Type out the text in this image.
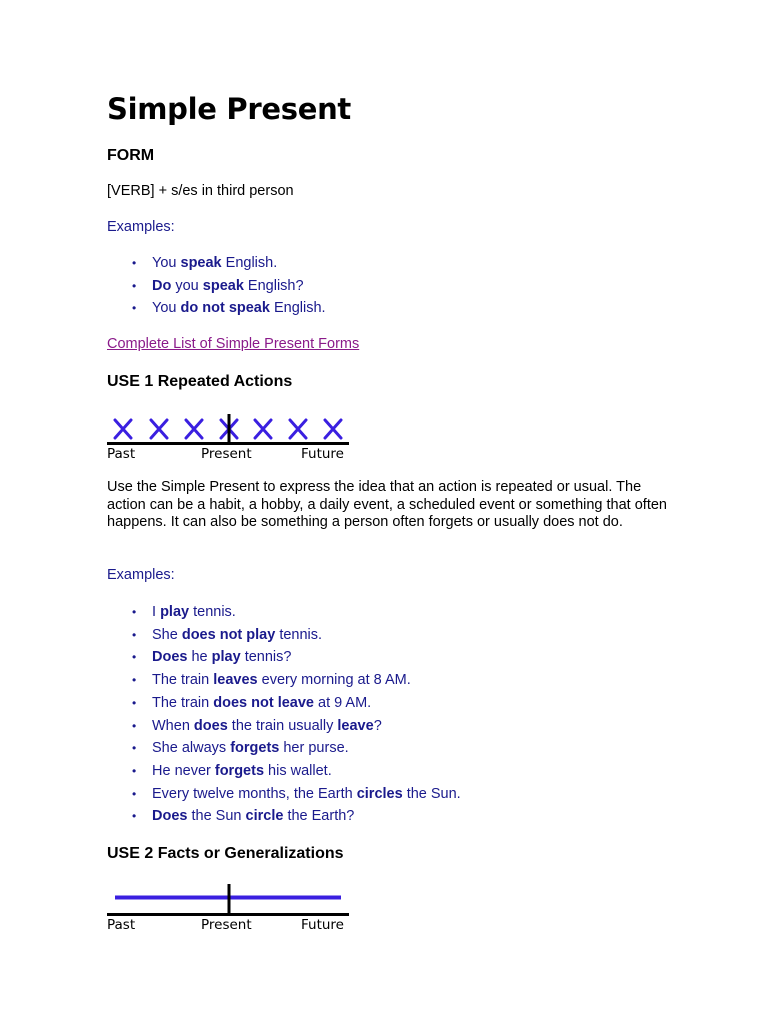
Simple Present
FORM

[VERB] + s/es in third person

Examples:

• You speak English.
• Do you speak English?
• You do not speak English.
Complete List of Simple Present Forms
USE 1 Repeated Actions
Past	Present	Future

Use the Simple Present to express the idea that an action is repeated or usual. The action can be a habit, a hobby, a daily event, a scheduled event or something that often happens. It can also be something a person often forgets or usually does not do.

Examples:

• I play tennis.
• She does not play tennis.
• Does he play tennis?
• The train leaves every morning at 8 AM.
• The train does not leave at 9 AM.
• When does the train usually leave?
• She always forgets her purse.
• He never forgets his wallet.
• Every twelve months, the Earth circles the Sun.
• Does the Sun circle the Earth?
USE 2 Facts or Generalizations
Past	Present	Future
